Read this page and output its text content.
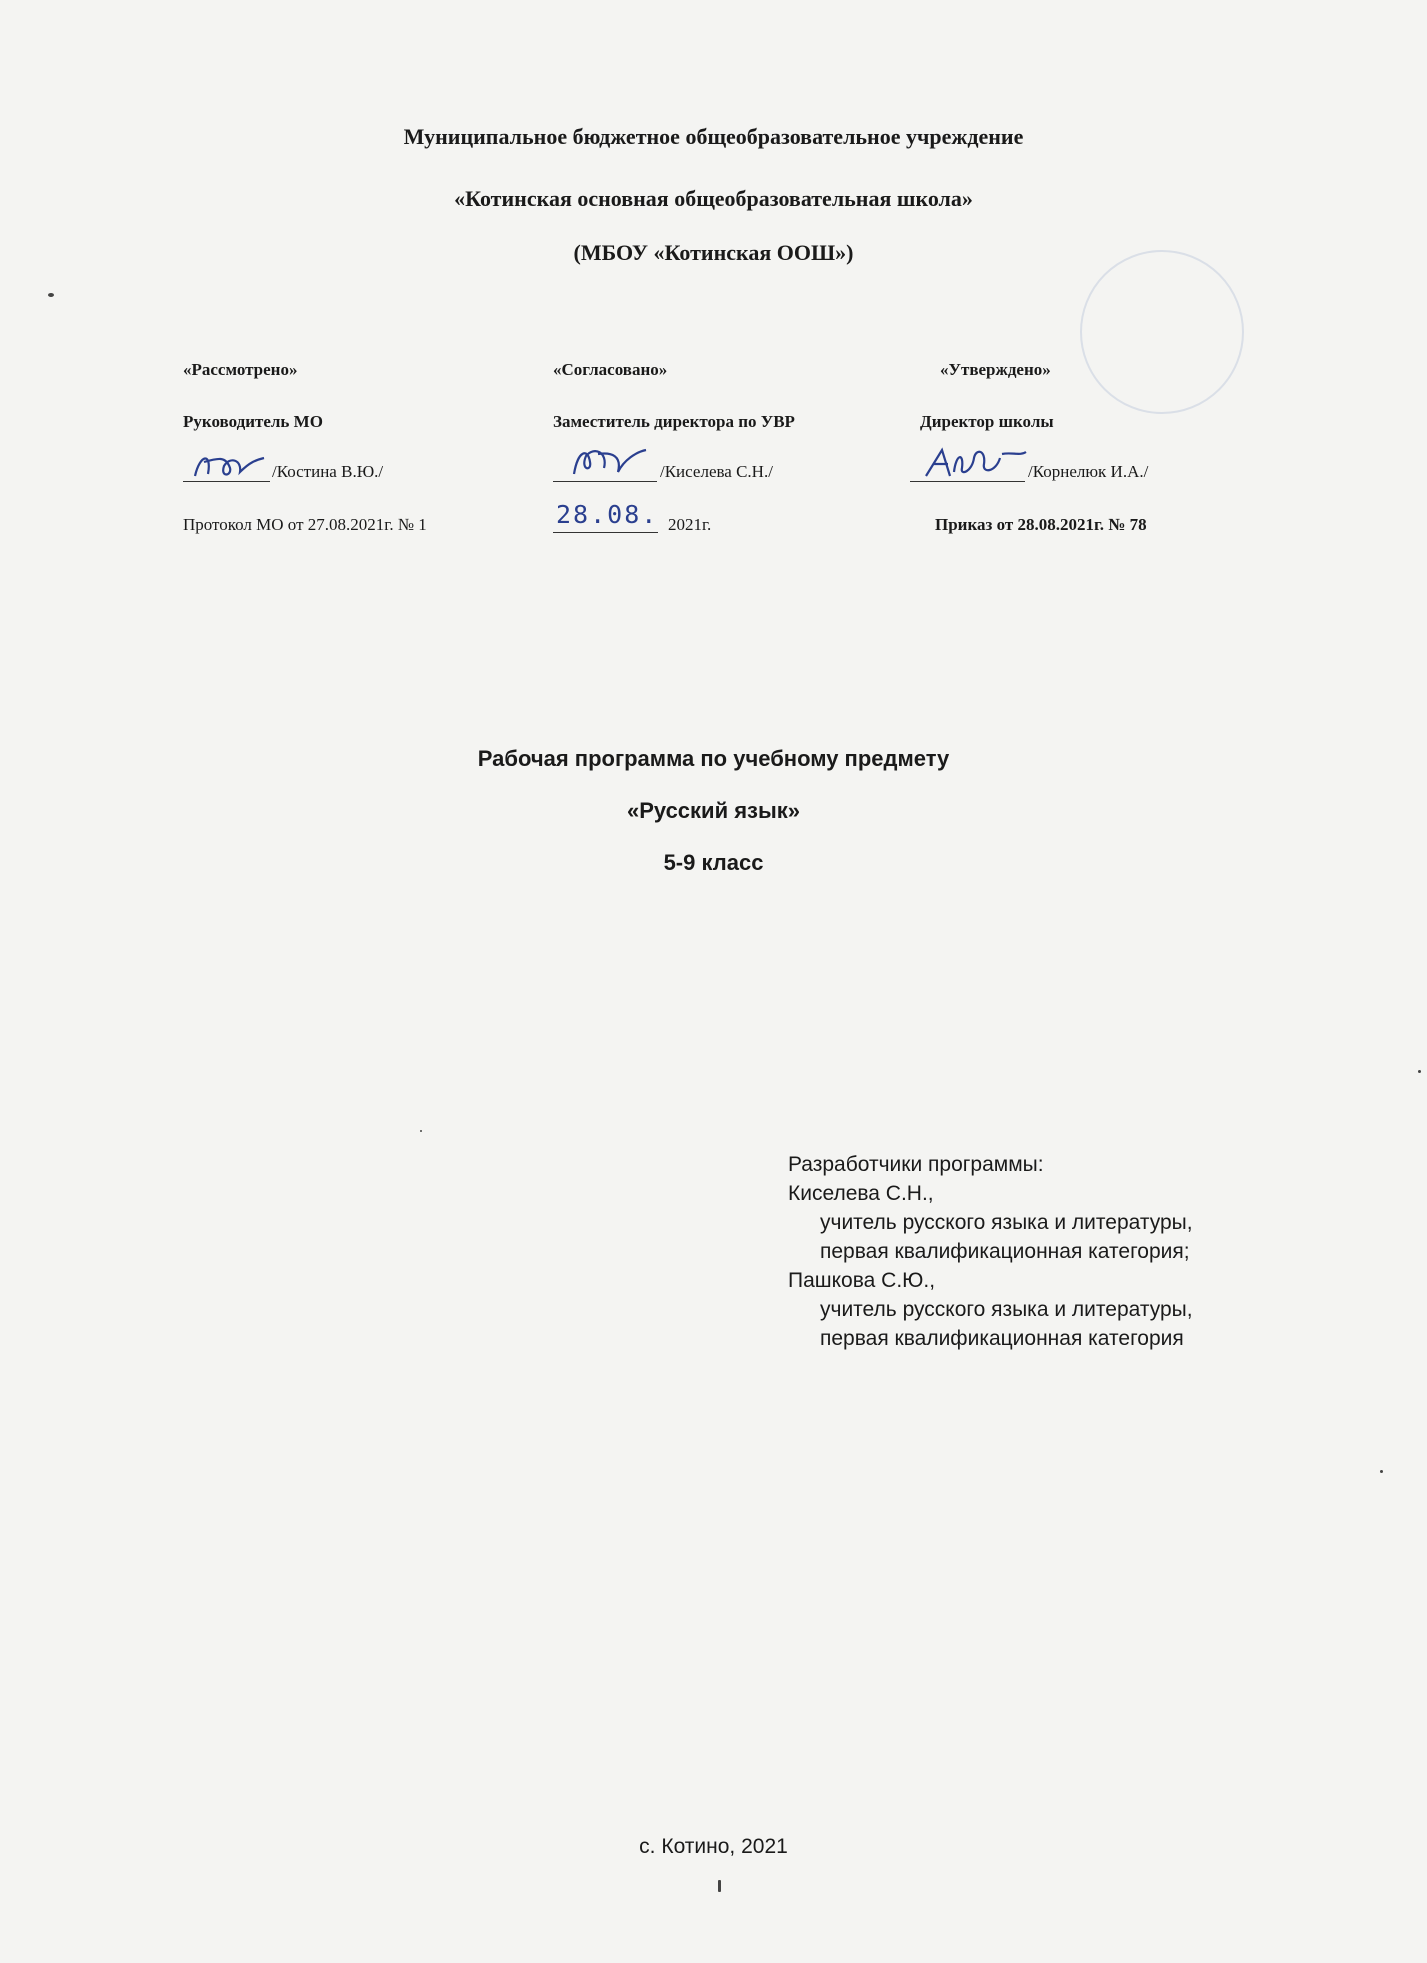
Муниципальное бюджетное общеобразовательное учреждение
«Котинская основная общеобразовательная школа»
(МБОУ «Котинская ООШ»)
«Рассмотрено»
Руководитель МО
/Костина В.Ю./
Протокол МО от 27.08.2021г. № 1
«Согласовано»
Заместитель директора по УВР
/Киселева С.Н./
28.08. 2021г.
«Утверждено»
Директор школы
/Корнелюк И.А./
Приказ от 28.08.2021г. № 78
Рабочая программа по учебному предмету
«Русский язык»
5-9 класс
Разработчики программы:
Киселева С.Н.,
учитель русского языка и литературы,
первая квалификационная категория;
Пашкова С.Ю.,
учитель русского языка и литературы,
первая квалификационная категория
с. Котино, 2021
